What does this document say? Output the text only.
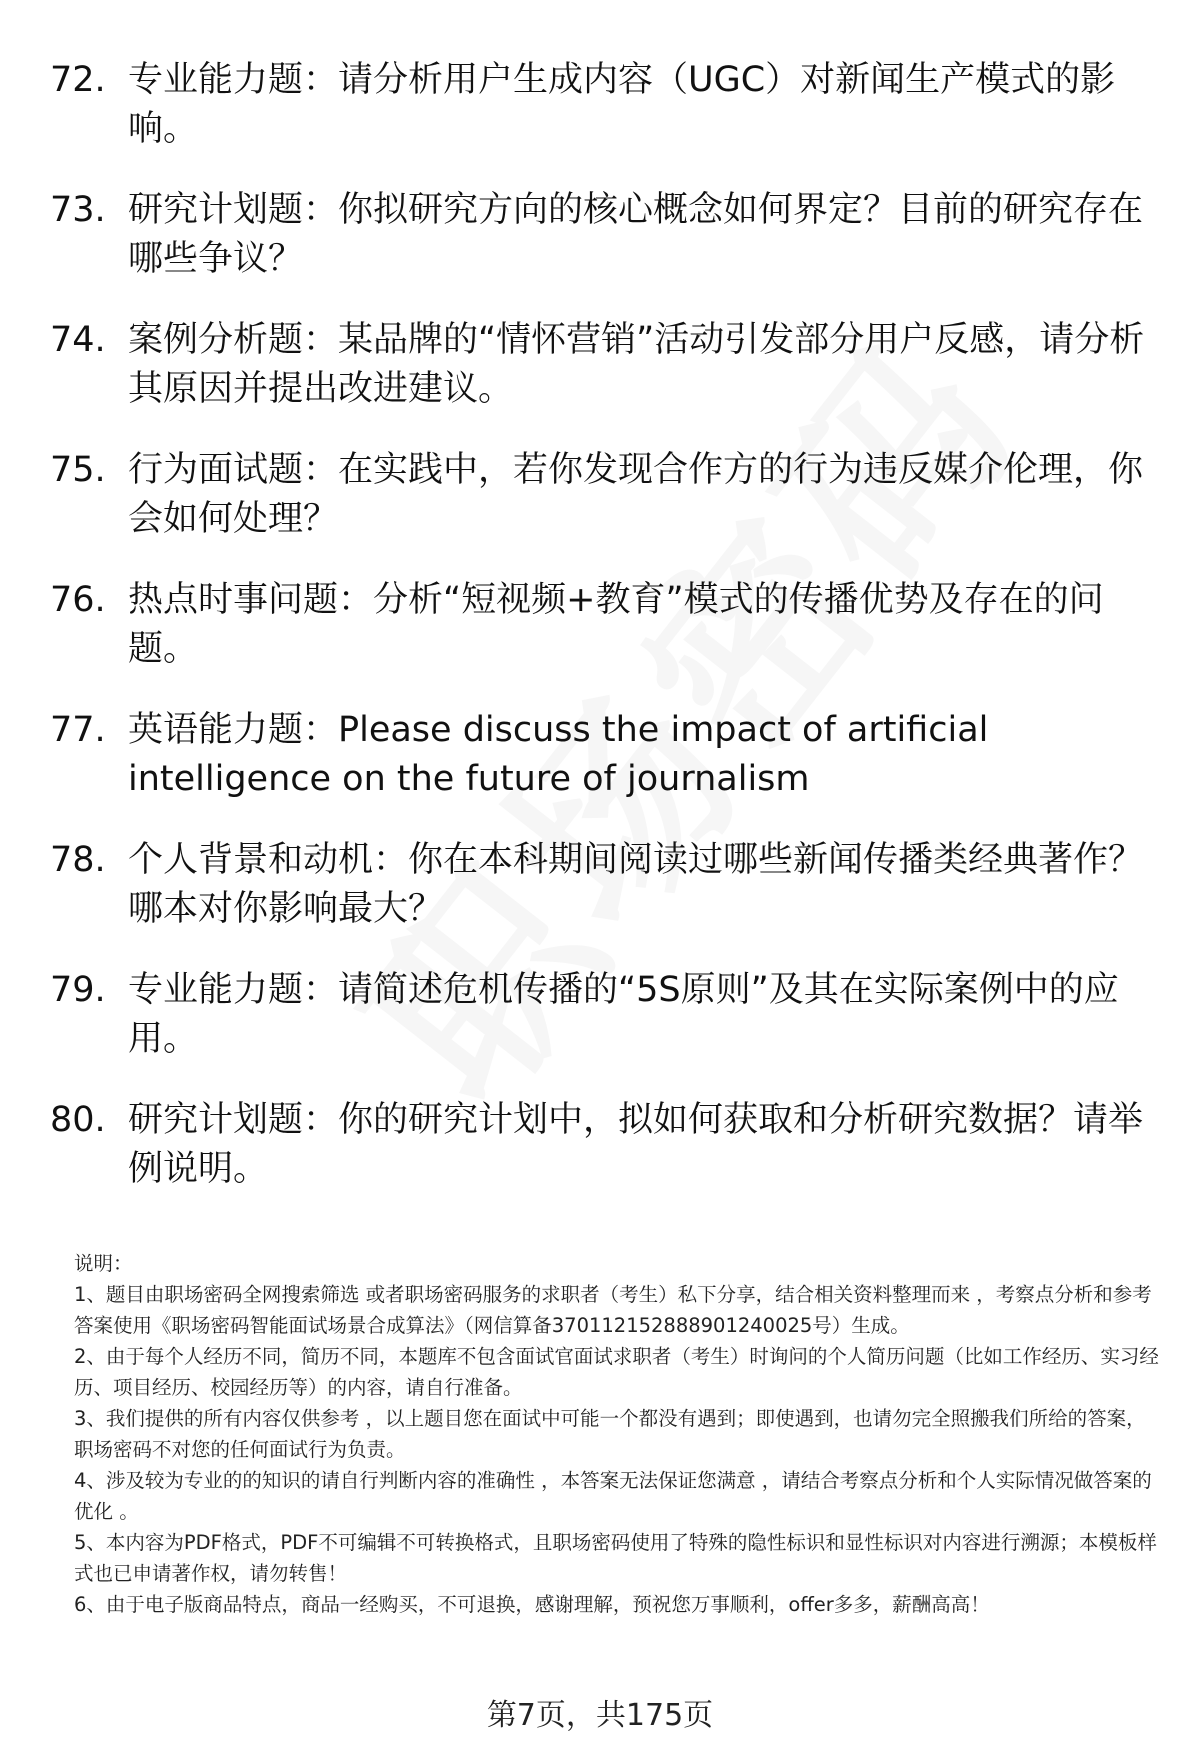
72. 专业能力题：请分析用户生成内容（UGC）对新闻生产模式的影响。
73. 研究计划题：你拟研究方向的核心概念如何界定？目前的研究存在哪些争议？
74. 案例分析题：某品牌的“情怀营销”活动引发部分用户反感，请分析其原因并提出改进建议。
75. 行为面试题：在实践中，若你发现合作方的行为违反媒介伦理，你会如何处理？
76. 热点时事问题：分析“短视频+教育”模式的传播优势及存在的问题。
77. 英语能力题：Please discuss the impact of artificial intelligence on the future of journalism
78. 个人背景和动机：你在本科期间阅读过哪些新闻传播类经典著作？哪本对你影响最大？
79. 专业能力题：请简述危机传播的“5S原则”及其在实际案例中的应用。
80. 研究计划题：你的研究计划中，拟如何获取和分析研究数据？请举例说明。

说明：

1、题目由职场密码全网搜索筛选 或者职场密码服务的求职者（考生）私下分享，结合相关资料整理而来 ，考察点分析和参考答案使用《职场密码智能面试场景合成算法》（网信算备370112152888901240025号）生成。

2、由于每个人经历不同，简历不同，本题库不包含面试官面试求职者（考生）时询问的个人简历问题（比如工作经历、实习经历、项目经历、校园经历等）的内容，请自行准备。

3、我们提供的所有内容仅供参考 ，以上题目您在面试中可能一个都没有遇到；即使遇到，也请勿完全照搬我们所给的答案，职场密码不对您的任何面试行为负责。

4、涉及较为专业的的知识的请自行判断内容的准确性 ，本答案无法保证您满意 ，请结合考察点分析和个人实际情况做答案的优化 。

5、本内容为PDF格式，PDF不可编辑不可转换格式，且职场密码使用了特殊的隐性标识和显性标识对内容进行溯源；本模板样式也已申请著作权，请勿转售！

6、由于电子版商品特点，商品一经购买，不可退换，感谢理解，预祝您万事顺利，offer多多，薪酬高高！

第7页，共175页
